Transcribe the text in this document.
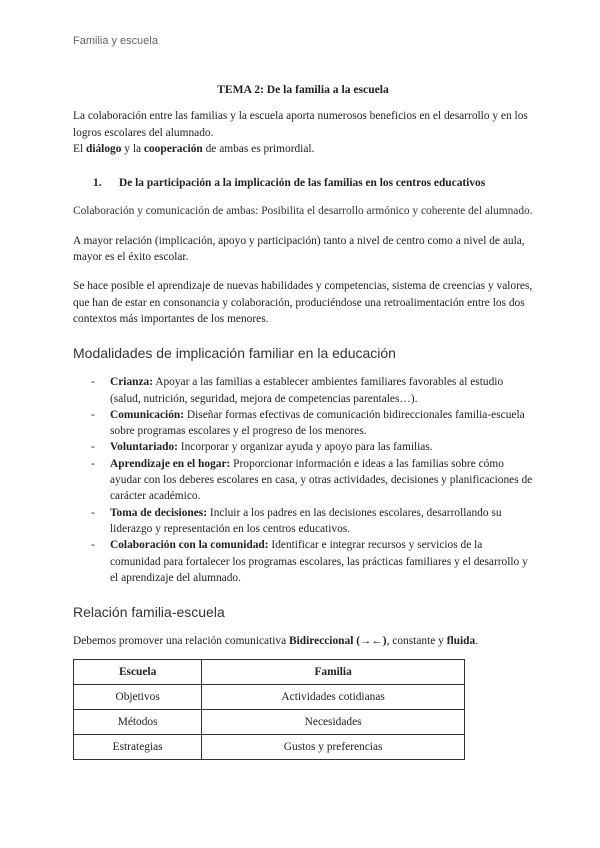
Familia y escuela
TEMA 2: De la familia a la escuela

La colaboración entre las familias y la escuela aporta numerosos beneficios en el desarrollo y en los logros escolares del alumnado.

El diálogo y la cooperación de ambas es primordial.

1.	De la participación a la implicación de las familias en los centros educativos

Colaboración y comunicación de ambas: Posibilita el desarrollo armónico y coherente del alumnado.

A mayor relación (implicación, apoyo y participación) tanto a nivel de centro como a nivel de aula, mayor es el éxito escolar.

Se hace posible el aprendizaje de nuevas habilidades y competencias, sistema de creencias y valores, que han de estar en consonancia y colaboración, produciéndose una retroalimentación entre los dos contextos más importantes de los menores.

Modalidades de implicación familiar en la educación
- Crianza: Apoyar a las familias a establecer ambientes familiares favorables al estudio (salud, nutrición, seguridad, mejora de competencias parentales…).
- Comunicación: Diseñar formas efectivas de comunicación bidireccionales familia-escuela sobre programas escolares y el progreso de los menores.
- Voluntariado: Incorporar y organizar ayuda y apoyo para las familias.
- Aprendizaje en el hogar: Proporcionar información e ideas a las familias sobre cómo ayudar con los deberes escolares en casa, y otras actividades, decisiones y planificaciones de carácter académico.
- Toma de decisiones: Incluir a los padres en las decisiones escolares, desarrollando su liderazgo y representación en los centros educativos.
- Colaboración con la comunidad: Identificar e integrar recursos y servicios de la comunidad para fortalecer los programas escolares, las prácticas familiares y el desarrollo y el aprendizaje del alumnado.
Relación familia-escuela

Debemos promover una relación comunicativa Bidireccional (→←), constante y fluida.

Escuela	Familia
Objetivos	Actividades cotidianas
Métodos	Necesidades
Estrategias	Gustos y preferencias
